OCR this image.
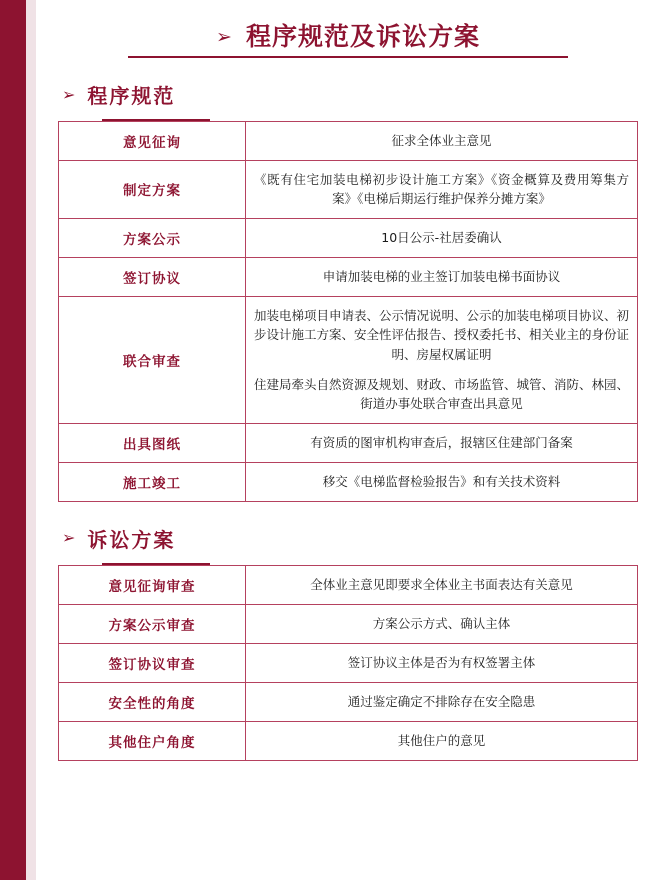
➢ 程序规范及诉讼方案
➢ 程序规范
意见征询	征求全体业主意见

制定方案	《既有住宅加装电梯初步设计施工方案》《资金概算及费用筹集方案》《电梯后期运行维护保养分摊方案》

方案公示	10日公示-社居委确认

签订协议	申请加装电梯的业主签订加装电梯书面协议

联合审查	加装电梯项目申请表、公示情况说明、公示的加装电梯项目协议、初步设计施工方案、安全性评估报告、授权委托书、相关业主的身份证明、房屋权属证明

住建局牽头自然资源及规划、财政、市场监管、城管、消防、林园、街道办事处联合审查出具意见

出具图纸	有资质的图审机构审查后，报辖区住建部门备案

施工竣工	移交《电梯监督检验报告》和有关技术资料

➢ 诉讼方案
意见征询审查	全体业主意见即要求全体业主书面表达有关意见

方案公示审查	方案公示方式、确认主体

签订协议审查	签订协议主体是否为有权签署主体

安全性的角度	通过鉴定确定不排除存在安全隐患

其他住户角度	其他住户的意见
